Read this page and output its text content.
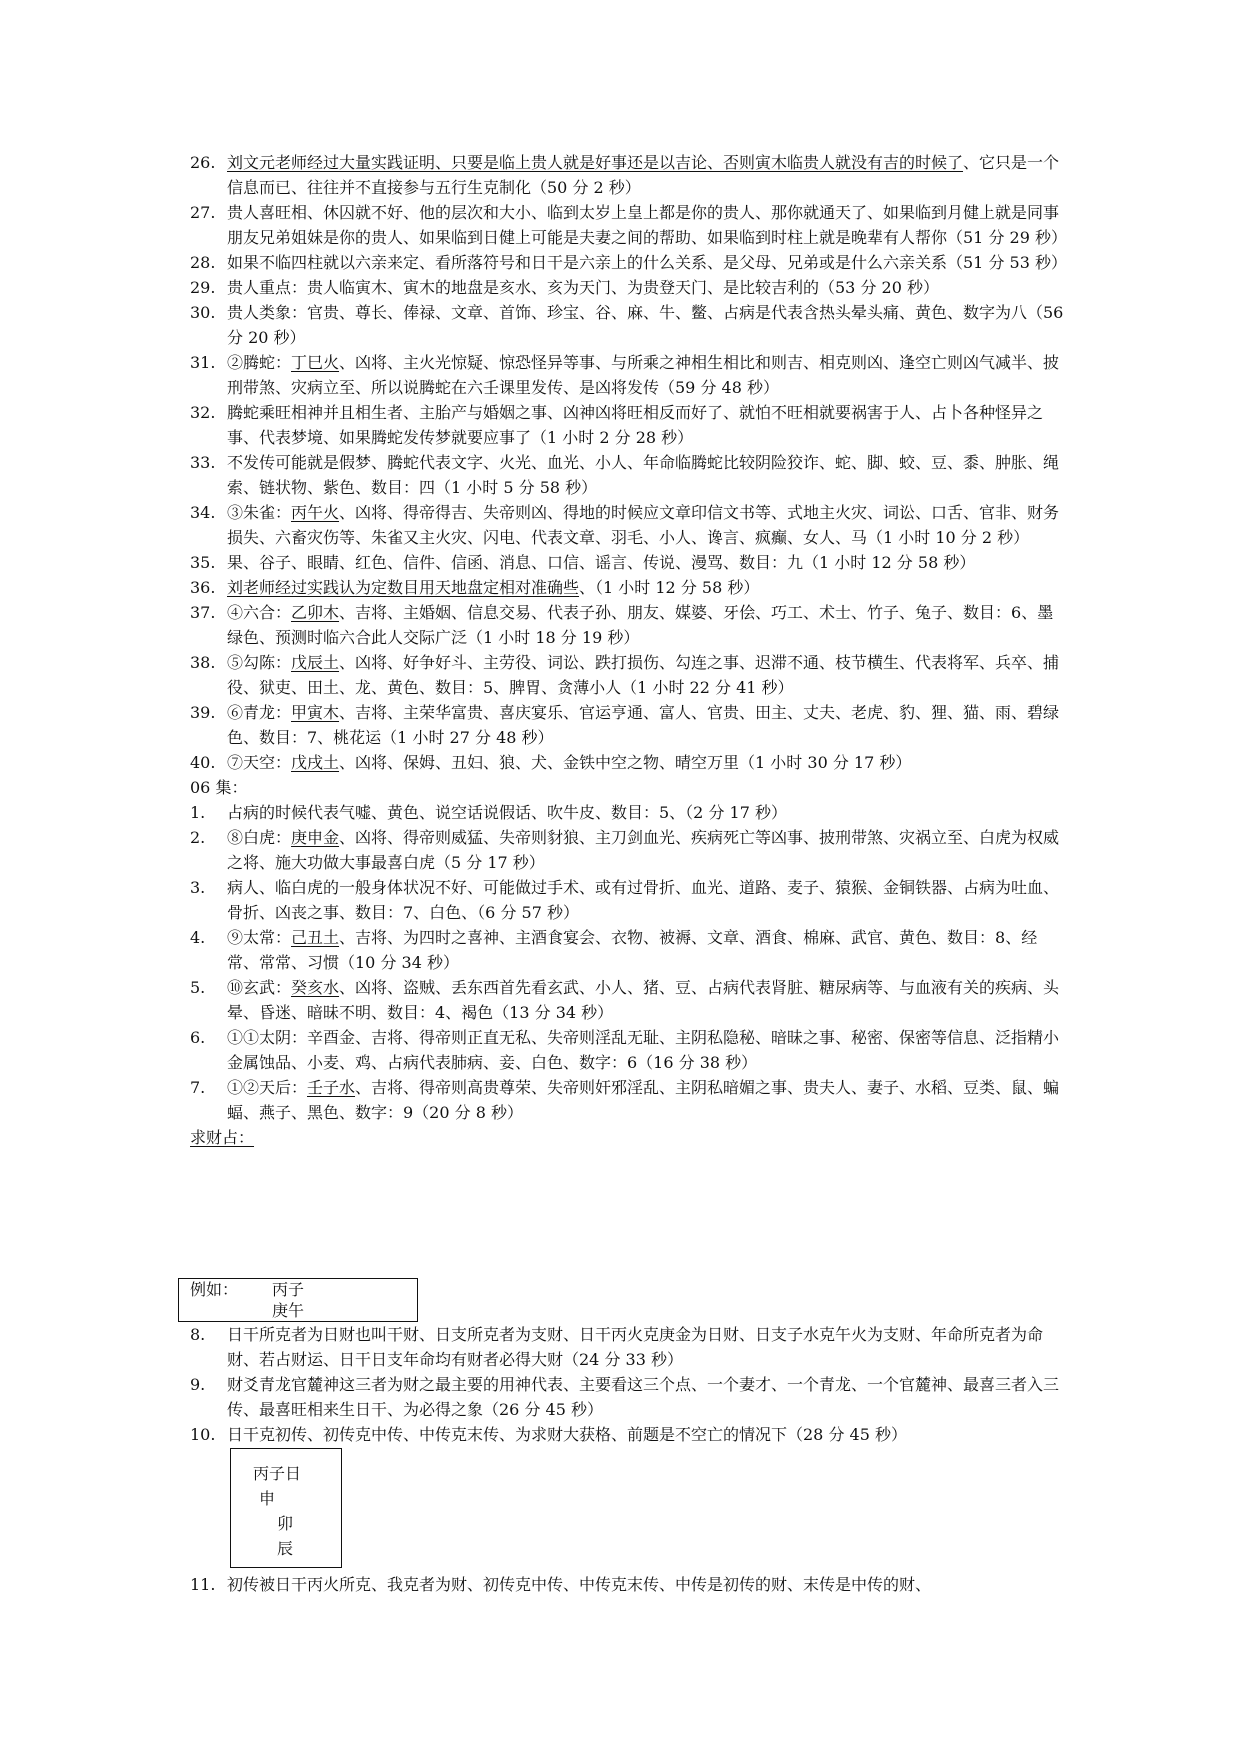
26. 刘文元老师经过大量实践证明、只要是临上贵人就是好事还是以吉论、否则寅木临贵人就没有吉的时候了、它只是一个信息而已、往往并不直接参与五行生克制化（50 分 2 秒）
27. 贵人喜旺相、休囚就不好、他的层次和大小、临到太岁上皇上都是你的贵人、那你就通天了、如果临到月健上就是同事朋友兄弟姐妹是你的贵人、如果临到日健上可能是夫妻之间的帮助、如果临到时柱上就是晚辈有人帮你（51 分 29 秒）
28. 如果不临四柱就以六亲来定、看所落符号和日干是六亲上的什么关系、是父母、兄弟或是什么六亲关系（51 分 53 秒）
29. 贵人重点：贵人临寅木、寅木的地盘是亥水、亥为天门、为贵登天门、是比较吉利的（53 分 20 秒）
30. 贵人类象：官贵、尊长、俸禄、文章、首饰、珍宝、谷、麻、牛、鳖、占病是代表含热头晕头痛、黄色、数字为八（56 分 20 秒）
31. ②腾蛇：丁巳火、凶将、主火光惊疑、惊恐怪异等事、与所乘之神相生相比和则吉、相克则凶、逢空亡则凶气减半、披刑带煞、灾病立至、所以说腾蛇在六壬课里发传、是凶将发传（59 分 48 秒）
32. 腾蛇乘旺相神并且相生者、主胎产与婚姻之事、凶神凶将旺相反而好了、就怕不旺相就要祸害于人、占卜各种怪异之事、代表梦境、如果腾蛇发传梦就要应事了（1 小时 2 分 28 秒）
33. 不发传可能就是假梦、腾蛇代表文字、火光、血光、小人、年命临腾蛇比较阴险狡诈、蛇、脚、蛟、豆、黍、肿胀、绳索、链状物、紫色、数目：四（1 小时 5 分 58 秒）
34. ③朱雀：丙午火、凶将、得帝得吉、失帝则凶、得地的时候应文章印信文书等、式地主火灾、词讼、口舌、官非、财务损失、六畜灾伤等、朱雀又主火灾、闪电、代表文章、羽毛、小人、谗言、疯癫、女人、马（1 小时 10 分 2 秒）
35. 果、谷子、眼睛、红色、信件、信函、消息、口信、谣言、传说、漫骂、数目：九（1 小时 12 分 58 秒）
36. 刘老师经过实践认为定数目用天地盘定相对准确些、（1 小时 12 分 58 秒）
37. ④六合：乙卯木、吉将、主婚姻、信息交易、代表子孙、朋友、媒婆、牙侩、巧工、术士、竹子、兔子、数目：6、墨绿色、预测时临六合此人交际广泛（1 小时 18 分 19 秒）
38. ⑤勾陈：戊辰土、凶将、好争好斗、主劳役、词讼、跌打损伤、勾连之事、迟滞不通、枝节横生、代表将军、兵卒、捕役、狱吏、田土、龙、黄色、数目：5、脾胃、贪薄小人（1 小时 22 分 41 秒）
39. ⑥青龙：甲寅木、吉将、主荣华富贵、喜庆宴乐、官运亨通、富人、官贵、田主、丈夫、老虎、豹、狸、猫、雨、碧绿色、数目：7、桃花运（1 小时 27 分 48 秒）
40. ⑦天空：戊戌土、凶将、保姆、丑妇、狼、犬、金铁中空之物、晴空万里（1 小时 30 分 17 秒）
06 集：
1.	占病的时候代表气嘘、黄色、说空话说假话、吹牛皮、数目：5、（2 分 17 秒）
2.	⑧白虎：庚申金、凶将、得帝则威猛、失帝则豺狼、主刀剑血光、疾病死亡等凶事、披刑带煞、灾祸立至、白虎为权威之将、施大功做大事最喜白虎（5 分 17 秒）
3.	病人、临白虎的一般身体状况不好、可能做过手术、或有过骨折、血光、道路、麦子、猿猴、金铜铁器、占病为吐血、骨折、凶丧之事、数目：7、白色、（6 分 57 秒）
4.	⑨太常：己丑土、吉将、为四时之喜神、主酒食宴会、衣物、被褥、文章、酒食、棉麻、武官、黄色、数目：8、经常、常常、习惯（10 分 34 秒）
5.	⑩玄武：癸亥水、凶将、盗贼、丢东西首先看玄武、小人、猪、豆、占病代表肾脏、糖尿病等、与血液有关的疾病、头晕、昏迷、暗昧不明、数目：4、褐色（13 分 34 秒）
6.	①①太阴：辛酉金、吉将、得帝则正直无私、失帝则淫乱无耻、主阴私隐秘、暗昧之事、秘密、保密等信息、泛指精小金属蚀品、小麦、鸡、占病代表肺病、妾、白色、数字：6（16 分 38 秒）
7.	①②天后：壬子水、吉将、得帝则高贵尊荣、失帝则奸邪淫乱、主阴私暗媚之事、贵夫人、妻子、水稻、豆类、鼠、蝙蝠、燕子、黑色、数字：9（20 分 8 秒）
求财占：
例如： 丙子
庚午
8.	日干所克者为日财也叫干财、日支所克者为支财、日干丙火克庚金为日财、日支子水克午火为支财、年命所克者为命财、若占财运、日干日支年命均有财者必得大财（24 分 33 秒）
9.	财爻青龙官麓神这三者为财之最主要的用神代表、主要看这三个点、一个妻才、一个青龙、一个官麓神、最喜三者入三传、最喜旺相来生日干、为必得之象（26 分 45 秒）
10. 日干克初传、初传克中传、中传克末传、为求财大获格、前题是不空亡的情况下（28 分 45 秒）
丙子日
申
卯
辰
11. 初传被日干丙火所克、我克者为财、初传克中传、中传克末传、中传是初传的财、末传是中传的财、
